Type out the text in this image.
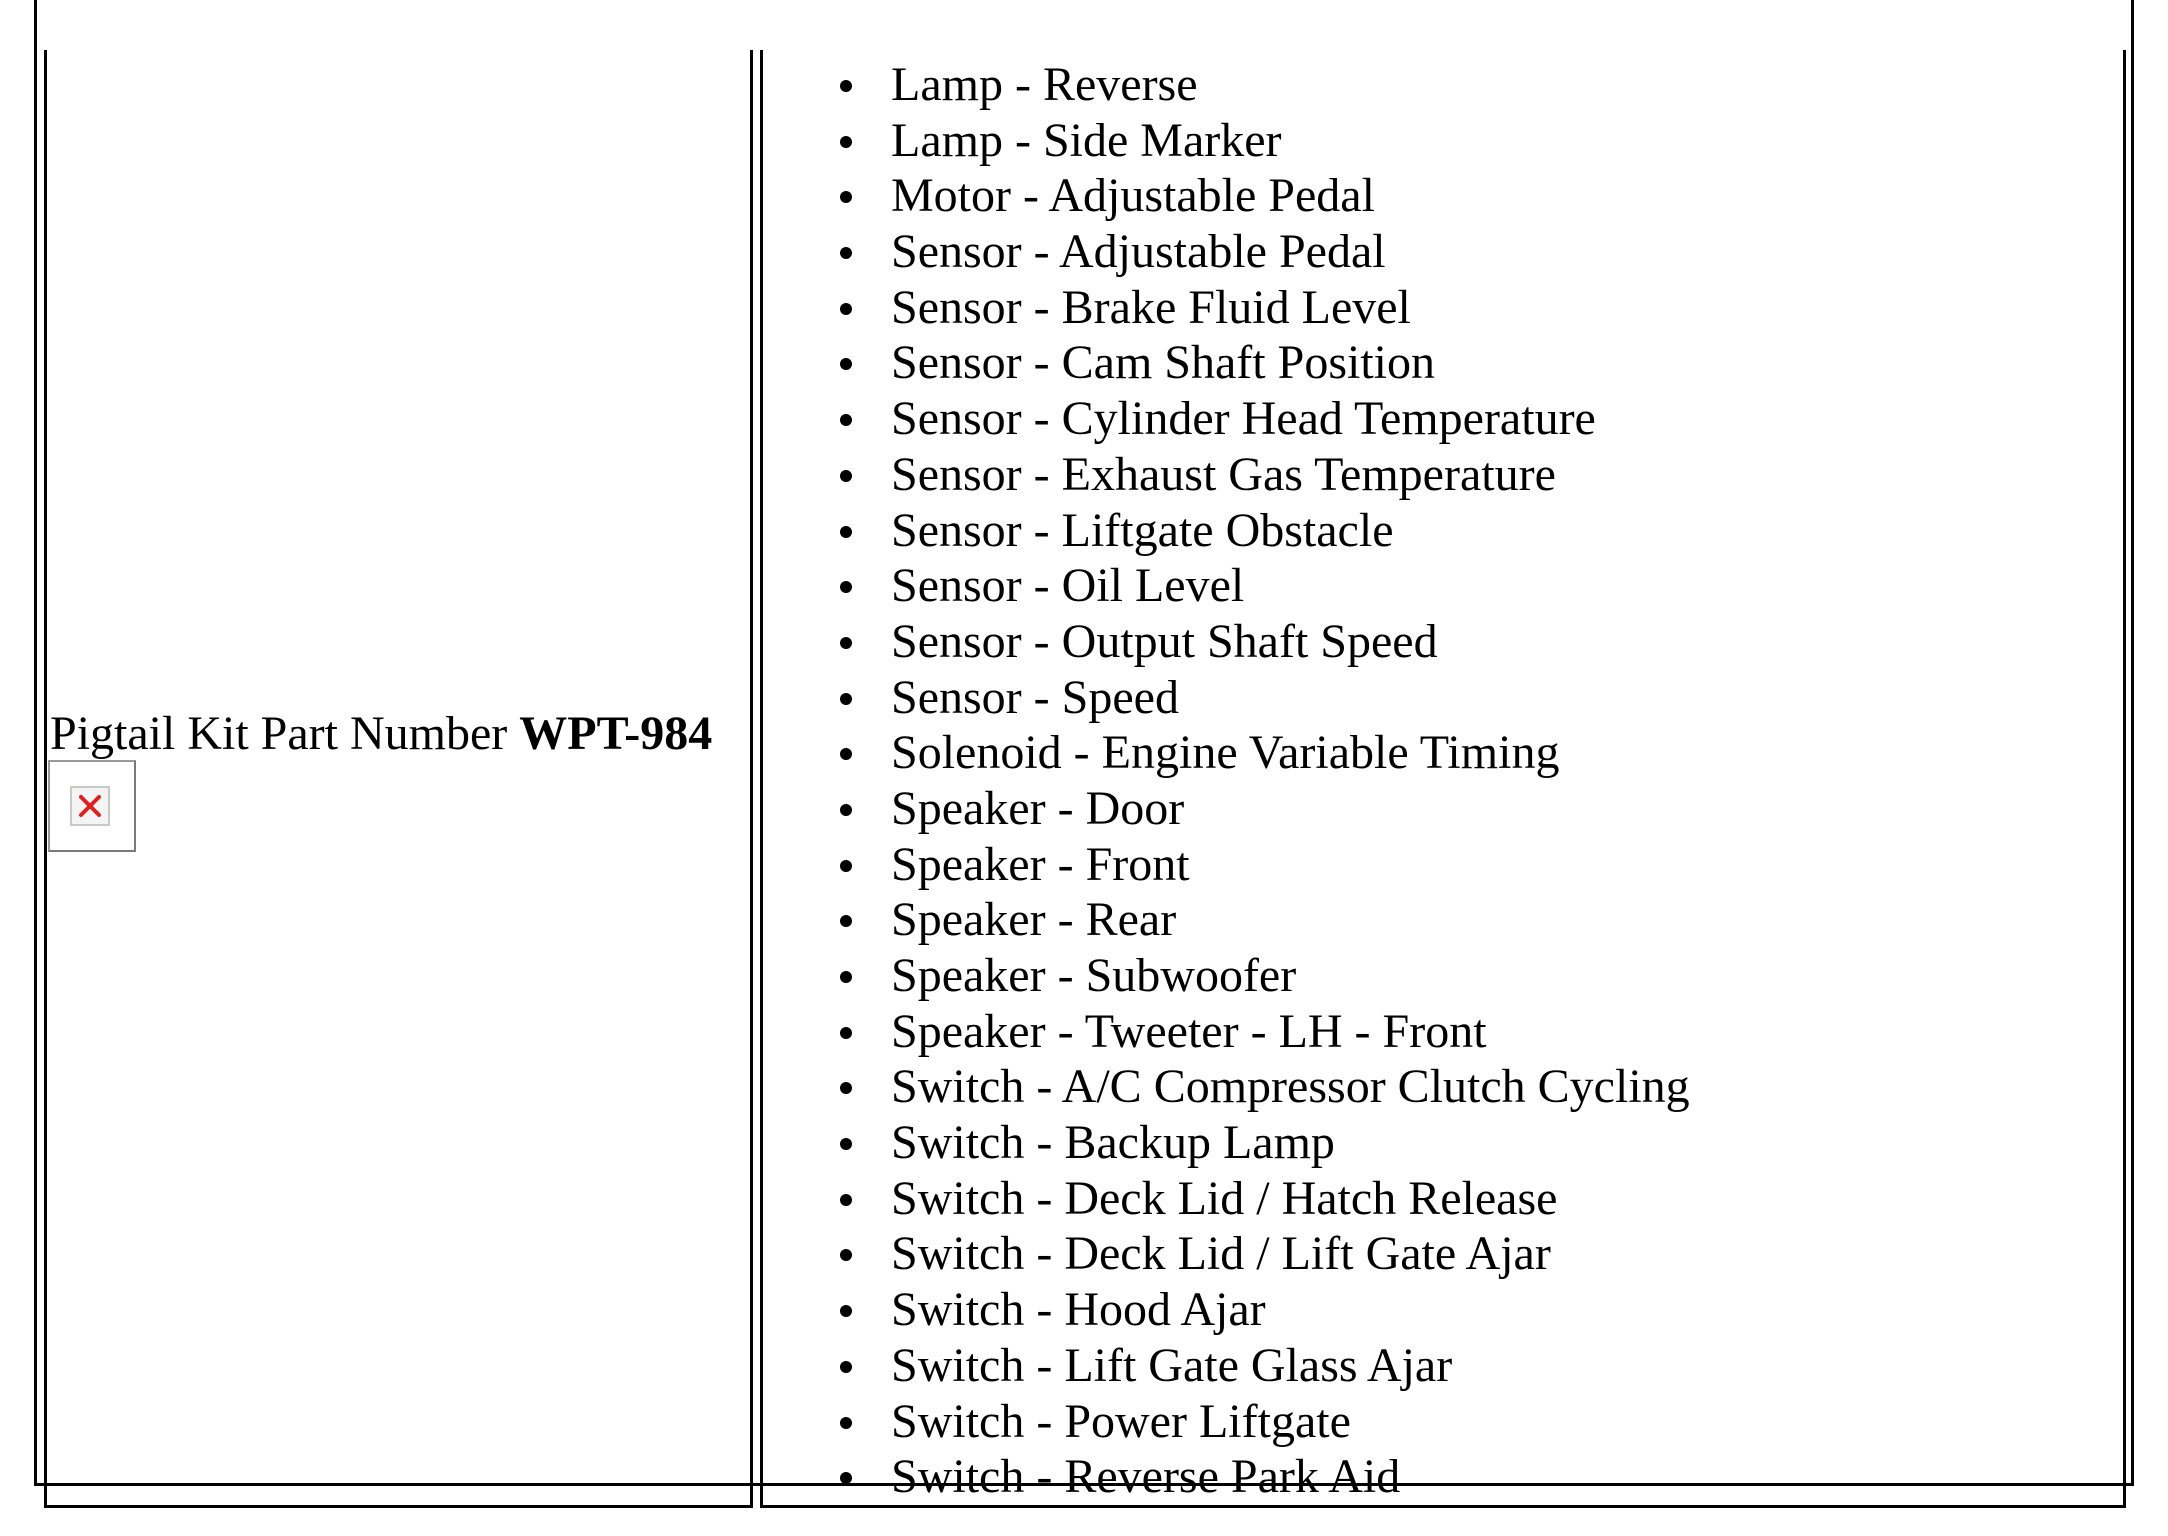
Pigtail Kit Part Number WPT-984
Lamp - Reverse
Lamp - Side Marker
Motor - Adjustable Pedal
Sensor - Adjustable Pedal
Sensor - Brake Fluid Level
Sensor - Cam Shaft Position
Sensor - Cylinder Head Temperature
Sensor - Exhaust Gas Temperature
Sensor - Liftgate Obstacle
Sensor - Oil Level
Sensor - Output Shaft Speed
Sensor - Speed
Solenoid - Engine Variable Timing
Speaker - Door
Speaker - Front
Speaker - Rear
Speaker - Subwoofer
Speaker - Tweeter - LH - Front
Switch - A/C Compressor Clutch Cycling
Switch - Backup Lamp
Switch - Deck Lid / Hatch Release
Switch - Deck Lid / Lift Gate Ajar
Switch - Hood Ajar
Switch - Lift Gate Glass Ajar
Switch - Power Liftgate
Switch - Reverse Park Aid
